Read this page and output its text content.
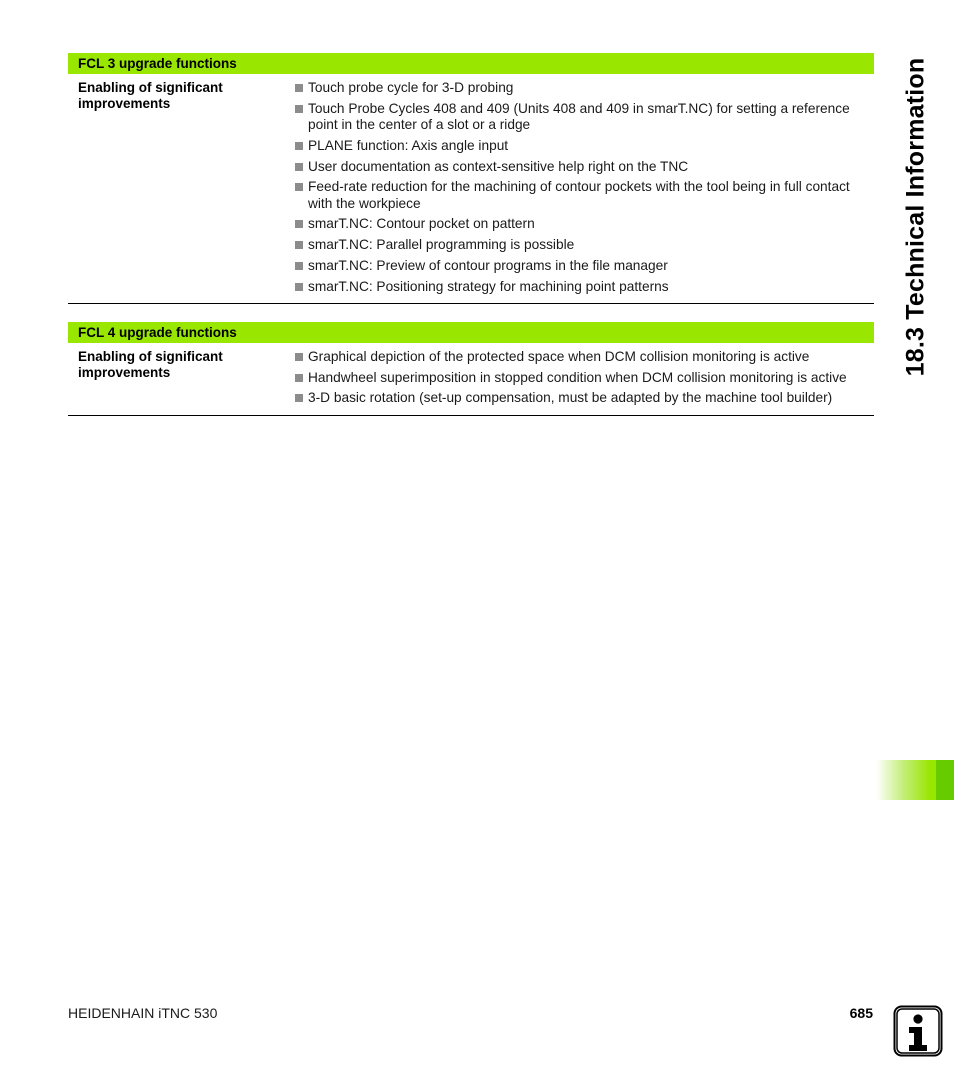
FCL 3 upgrade functions
Enabling of significant improvements
Touch probe cycle for 3-D probing
Touch Probe Cycles 408 and 409 (Units 408 and 409 in smarT.NC) for setting a reference point in the center of a slot or a ridge
PLANE function: Axis angle input
User documentation as context-sensitive help right on the TNC
Feed-rate reduction for the machining of contour pockets with the tool being in full contact with the workpiece
smarT.NC: Contour pocket on pattern
smarT.NC: Parallel programming is possible
smarT.NC: Preview of contour programs in the file manager
smarT.NC: Positioning strategy for machining point patterns
FCL 4 upgrade functions
Enabling of significant improvements
Graphical depiction of the protected space when DCM collision monitoring is active
Handwheel superimposition in stopped condition when DCM collision monitoring is active
3-D basic rotation (set-up compensation, must be adapted by the machine tool builder)
18.3 Technical Information
HEIDENHAIN iTNC 530	685
